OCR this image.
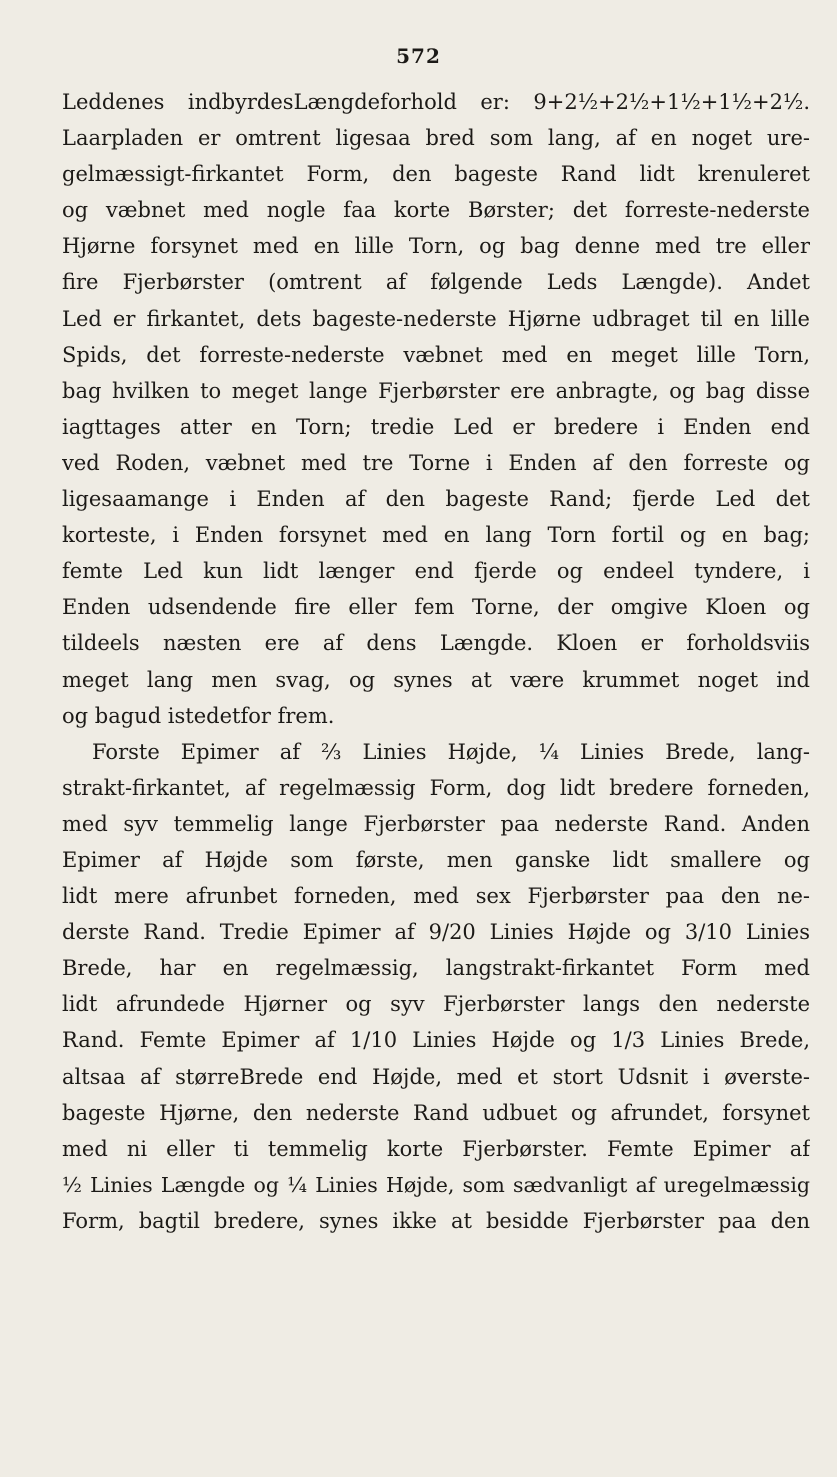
572
Leddenes indbyrdesLængdeforhold er: 9+2½+2½+1½+1½+2½.
Laarpladen er omtrent ligesaa bred som lang, af en noget ure-
gelmæssigt-firkantet Form, den bageste Rand lidt krenuleret
og væbnet med nogle faa korte Børster; det forreste-nederste
Hjørne forsynet med en lille Torn, og bag denne med tre eller
fire Fjerbørster (omtrent af følgende Leds Længde). Andet
Led er firkantet, dets bageste-nederste Hjørne udbraget til en lille
Spids, det forreste-nederste væbnet med en meget lille Torn,
bag hvilken to meget lange Fjerbørster ere anbragte, og bag disse
iagttages atter en Torn; tredie Led er bredere i Enden end
ved Roden, væbnet med tre Torne i Enden af den forreste og
ligesaamange i Enden af den bageste Rand; fjerde Led det
korteste, i Enden forsynet med en lang Torn fortil og en bag;
femte Led kun lidt længer end fjerde og endeel tyndere, i
Enden udsendende fire eller fem Torne, der omgive Kloen og
tildeels næsten ere af dens Længde. Kloen er forholdsviis
meget lang men svag, og synes at være krummet noget ind
og bagud istedetfor frem.
Forste Epimer af ⅔ Linies Højde, ¼ Linies Brede, lang-
strakt-firkantet, af regelmæssig Form, dog lidt bredere forneden,
med syv temmelig lange Fjerbørster paa nederste Rand. Anden
Epimer af Højde som første, men ganske lidt smallere og
lidt mere afrunbet forneden, med sex Fjerbørster paa den ne-
derste Rand. Tredie Epimer af 9/20 Linies Højde og 3/10 Linies
Brede, har en regelmæssig, langstrakt-firkantet Form med
lidt afrundede Hjørner og syv Fjerbørster langs den nederste
Rand. Femte Epimer af 1/10 Linies Højde og 1/3 Linies Brede,
altsaa af størreBrede end Højde, med et stort Udsnit i øverste-
bageste Hjørne, den nederste Rand udbuet og afrundet, forsynet
med ni eller ti temmelig korte Fjerbørster. Femte Epimer af
½ Linies Længde og ¼ Linies Højde, som sædvanligt af uregelmæssig
Form, bagtil bredere, synes ikke at besidde Fjerbørster paa den
